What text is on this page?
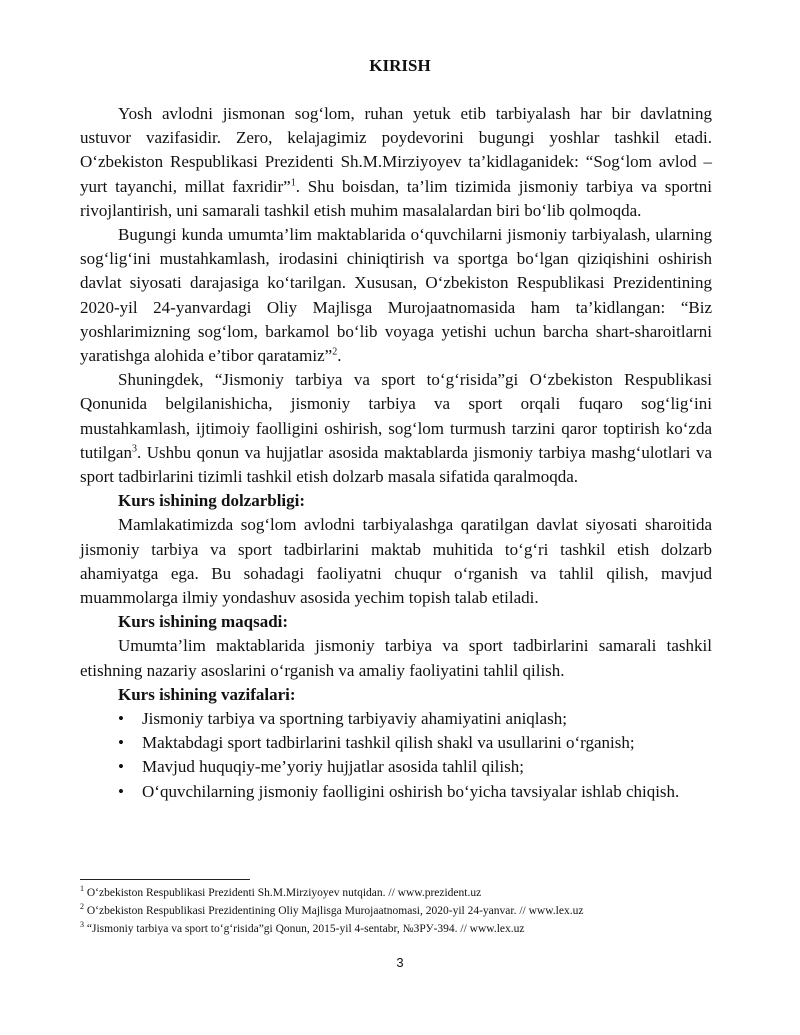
KIRISH

Yosh avlodni jismonan sog‘lom, ruhan yetuk etib tarbiyalash har bir davlatning ustuvor vazifasidir. Zero, kelajagimiz poydevorini bugungi yoshlar tashkil etadi. O‘zbekiston Respublikasi Prezidenti Sh.M.Mirziyoyev ta’kidlaganidek: “Sog‘lom avlod – yurt tayanchi, millat faxridir”$^1$. Shu boisdan, ta’lim tizimida jismoniy tarbiya va sportni rivojlantirish, uni samarali tashkil etish muhim masalalardan biri bo‘lib qolmoqda.

Bugungi kunda umumta’lim maktablarida o‘quvchilarni jismoniy tarbiyalash, ularning sog‘lig‘ini mustahkamlash, irodasini chiniqtirish va sportga bo‘lgan qiziqishini oshirish davlat siyosati darajasiga ko‘tarilgan. Xususan, O‘zbekiston Respublikasi Prezidentining 2020-yil 24-yanvardagi Oliy Majlisga Murojaatnomasida ham ta’kidlangan: “Biz yoshlarimizning sog‘lom, barkamol bo‘lib voyaga yetishi uchun barcha shart-sharoitlarni yaratishga alohida e’tibor qaratamiz”$^2$.

Shuningdek, “Jismoniy tarbiya va sport to‘g‘risida”gi O‘zbekiston Respublikasi Qonunida belgilanishicha, jismoniy tarbiya va sport orqali fuqaro sog‘lig‘ini mustahkamlash, ijtimoiy faolligini oshirish, sog‘lom turmush tarzini qaror toptirish ko‘zda tutilgan$^3$. Ushbu qonun va hujjatlar asosida maktablarda jismoniy tarbiya mashg‘ulotlari va sport tadbirlarini tizimli tashkil etish dolzarb masala sifatida qaralmoqda.

Kurs ishining dolzarbligi:

Mamlakatimizda sog‘lom avlodni tarbiyalashga qaratilgan davlat siyosati sharoitida jismoniy tarbiya va sport tadbirlarini maktab muhitida to‘g‘ri tashkil etish dolzarb ahamiyatga ega. Bu sohadagi faoliyatni chuqur o‘rganish va tahlil qilish, mavjud muammolarga ilmiy yondashuv asosida yechim topish talab etiladi.

Kurs ishining maqsadi:

Umumta’lim maktablarida jismoniy tarbiya va sport tadbirlarini samarali tashkil etishning nazariy asoslarini o‘rganish va amaliy faoliyatini tahlil qilish.

Kurs ishining vazifalari:
• Jismoniy tarbiya va sportning tarbiyaviy ahamiyatini aniqlash;
• Maktabdagi sport tadbirlarini tashkil qilish shakl va usullarini o‘rganish;
• Mavjud huquqiy-me’yoriy hujjatlar asosida tahlil qilish;
• O‘quvchilarning jismoniy faolligini oshirish bo‘yicha tavsiyalar ishlab chiqish.
$^1$ O‘zbekiston Respublikasi Prezidenti Sh.M.Mirziyoyev nutqidan. // www.prezident.uz
$^2$ O‘zbekiston Respublikasi Prezidentining Oliy Majlisga Murojaatnomasi, 2020-yil 24-yanvar. // www.lex.uz
$^3$ “Jismoniy tarbiya va sport to‘g‘risida”gi Qonun, 2015-yil 4-sentabr, №ЗРУ-394. // www.lex.uz
3
